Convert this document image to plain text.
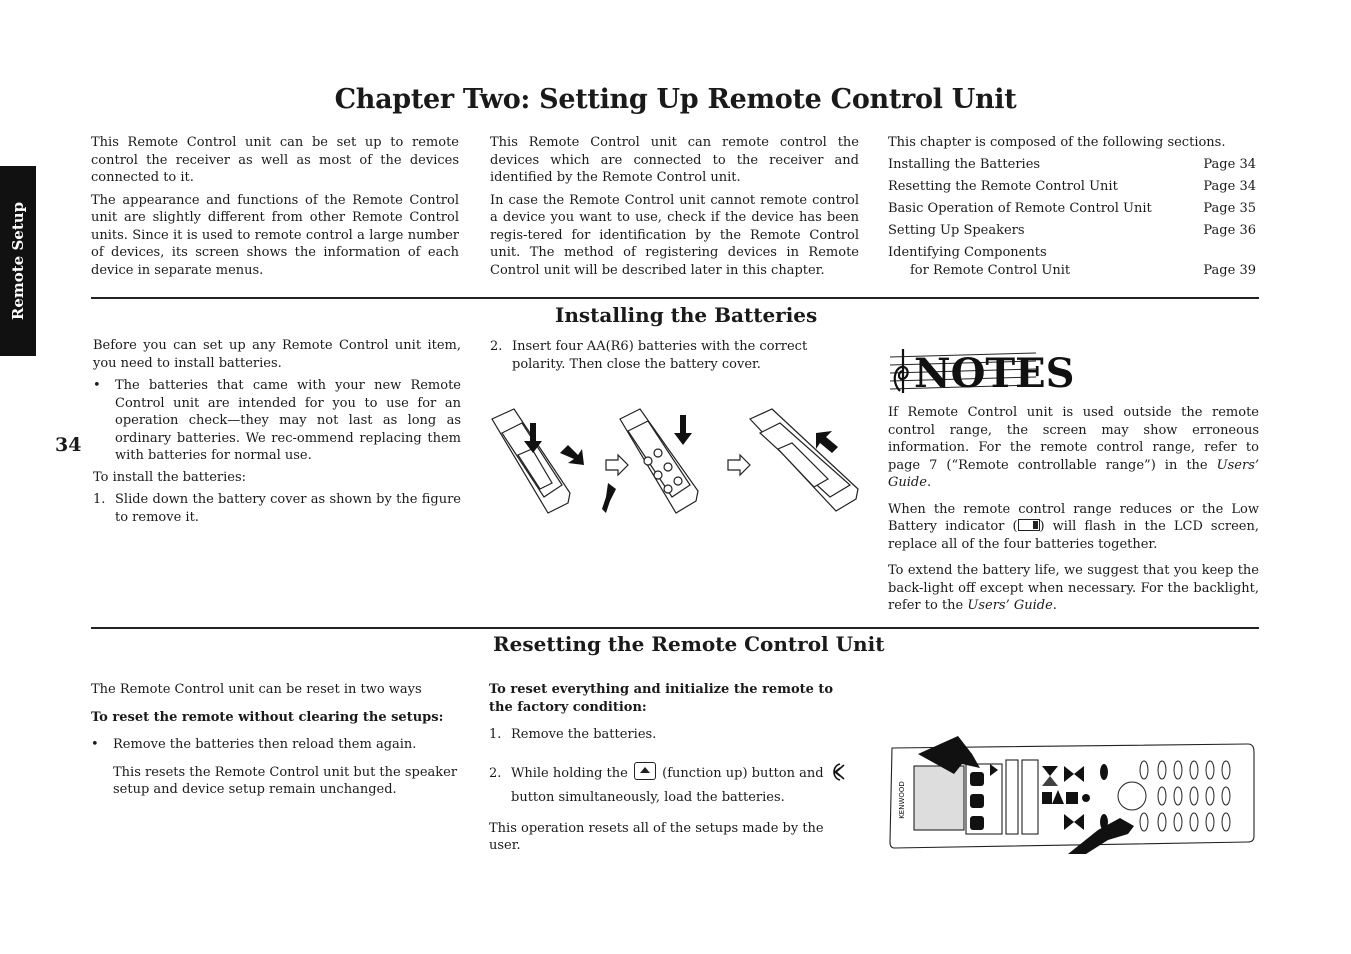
Chapter Two: Setting Up Remote Control Unit
Remote Setup
34

This Remote Control unit can be set up to remote control the receiver as well as most of the devices connected to it.

The appearance and functions of the Remote Control unit are slightly different from other Remote Control units. Since it is used to remote control a large number of devices, its screen shows the information of each device in separate menus.

This Remote Control unit can remote control the devices which are connected to the receiver and identified by the Remote Control unit.

In case the Remote Control unit cannot remote control a device you want to use, check if the device has been regis-tered for identification by the Remote Control unit. The method of registering devices in Remote Control unit will be described later in this chapter.

This chapter is composed of the following sections.
Installing the Batteries	Page 34
Resetting the Remote Control Unit	Page 34
Basic Operation of Remote Control Unit	Page 35
Setting Up Speakers	Page 36
Identifying Components
for Remote Control Unit	Page 39
Installing the Batteries

Before you can set up any Remote Control unit item, you need to install batteries.

• The batteries that came with your new Remote Control unit are intended for you to use for an operation check—they may not last as long as ordinary batteries. We rec-ommend replacing them with batteries for normal use.

To install the batteries:

1. Slide down the battery cover as shown by the figure to remove it.
2. Insert four AA(R6) batteries with the correct polarity. Then close the battery cover.	NOTES

If Remote Control unit is used outside the remote control range, the screen may show erroneous information. For the remote control range, refer to page 7 (“Remote controllable range”) in the Users’ Guide.

When the remote control range reduces or the Low Battery indicator ( ) will flash in the LCD screen, replace all of the four batteries together.

To extend the battery life, we suggest that you keep the back-light off except when necessary. For the backlight, refer to the Users’ Guide.

Resetting the Remote Control Unit

The Remote Control unit can be reset in two ways

To reset the remote without clearing the setups:

• Remove the batteries then reload them again.
This resets the Remote Control unit but the speaker setup and device setup remain unchanged.

To reset everything and initialize the remote to the factory condition:

1. Remove the batteries.
2. While holding the	(function up) button and  button simultaneously, load the batteries.

This operation resets all of the setups made by the user.

KENWOOD
